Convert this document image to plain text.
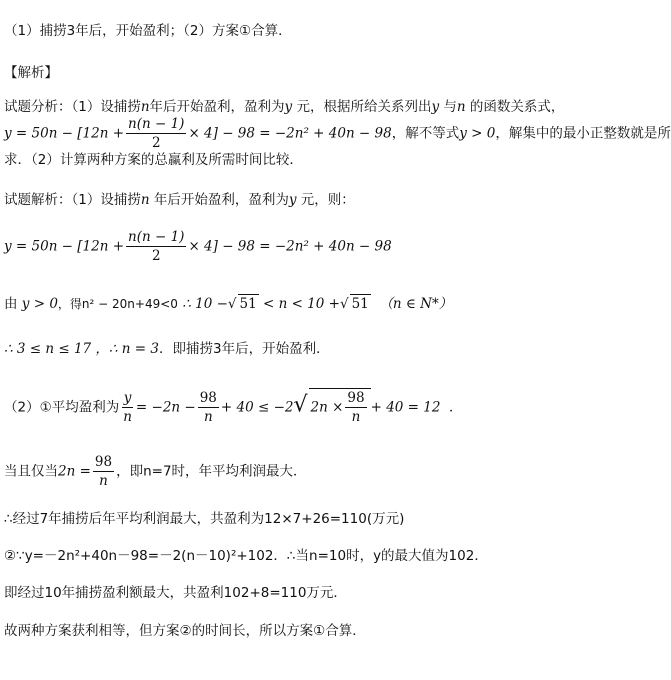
（1）捕捞3年后，开始盈利；（2）方案①合算．
【解析】
试题分析：（1）设捕捞n年后开始盈利，盈利为y 元，根据所给关系列出y 与n 的函数关系式，
$y = 50n - [12n + \frac{n(n - 1)}{2} \times 4] - 98 = -2n^2 + 40n - 98$，解不等式y > 0，解集中的最小正整数就是所
求．（2）计算两种方案的总赢利及所需时间比较．
试题解析：（1）设捕捞n 年后开始盈利，盈利为y 元，则：
$y = 50n - [12n + \frac{n(n - 1)}{2} \times 4] - 98 = -2n^2 + 40n - 98$
由 y > 0，得n² − 20n+49<0 ∴ 10 −√ 51 < n < 10 +√ 51 （n ∈ N*）
∴ 3 ≤ n ≤ 17 ，∴ n = 3．即捕捞3年后，开始盈利．
（2）①平均盈利为 $\frac{y}{n} = -2n - \frac{98}{n} + 40 \le -2√$ $2n \times \frac{98}{n} + 40 = 12$ ．
当且仅当$2n = \frac{98}{n}$ ，即n=7时，年平均利润最大．
∴经过7年捕捞后年平均利润最大，共盈利为12×7+26=110(万元)
②∵y=－2n²+40n－98=－2(n－10)²+102．∴当n=10时，y的最大值为102．
即经过10年捕捞盈利额最大，共盈利102+8=110万元．
故两种方案获利相等，但方案②的时间长，所以方案①合算．
